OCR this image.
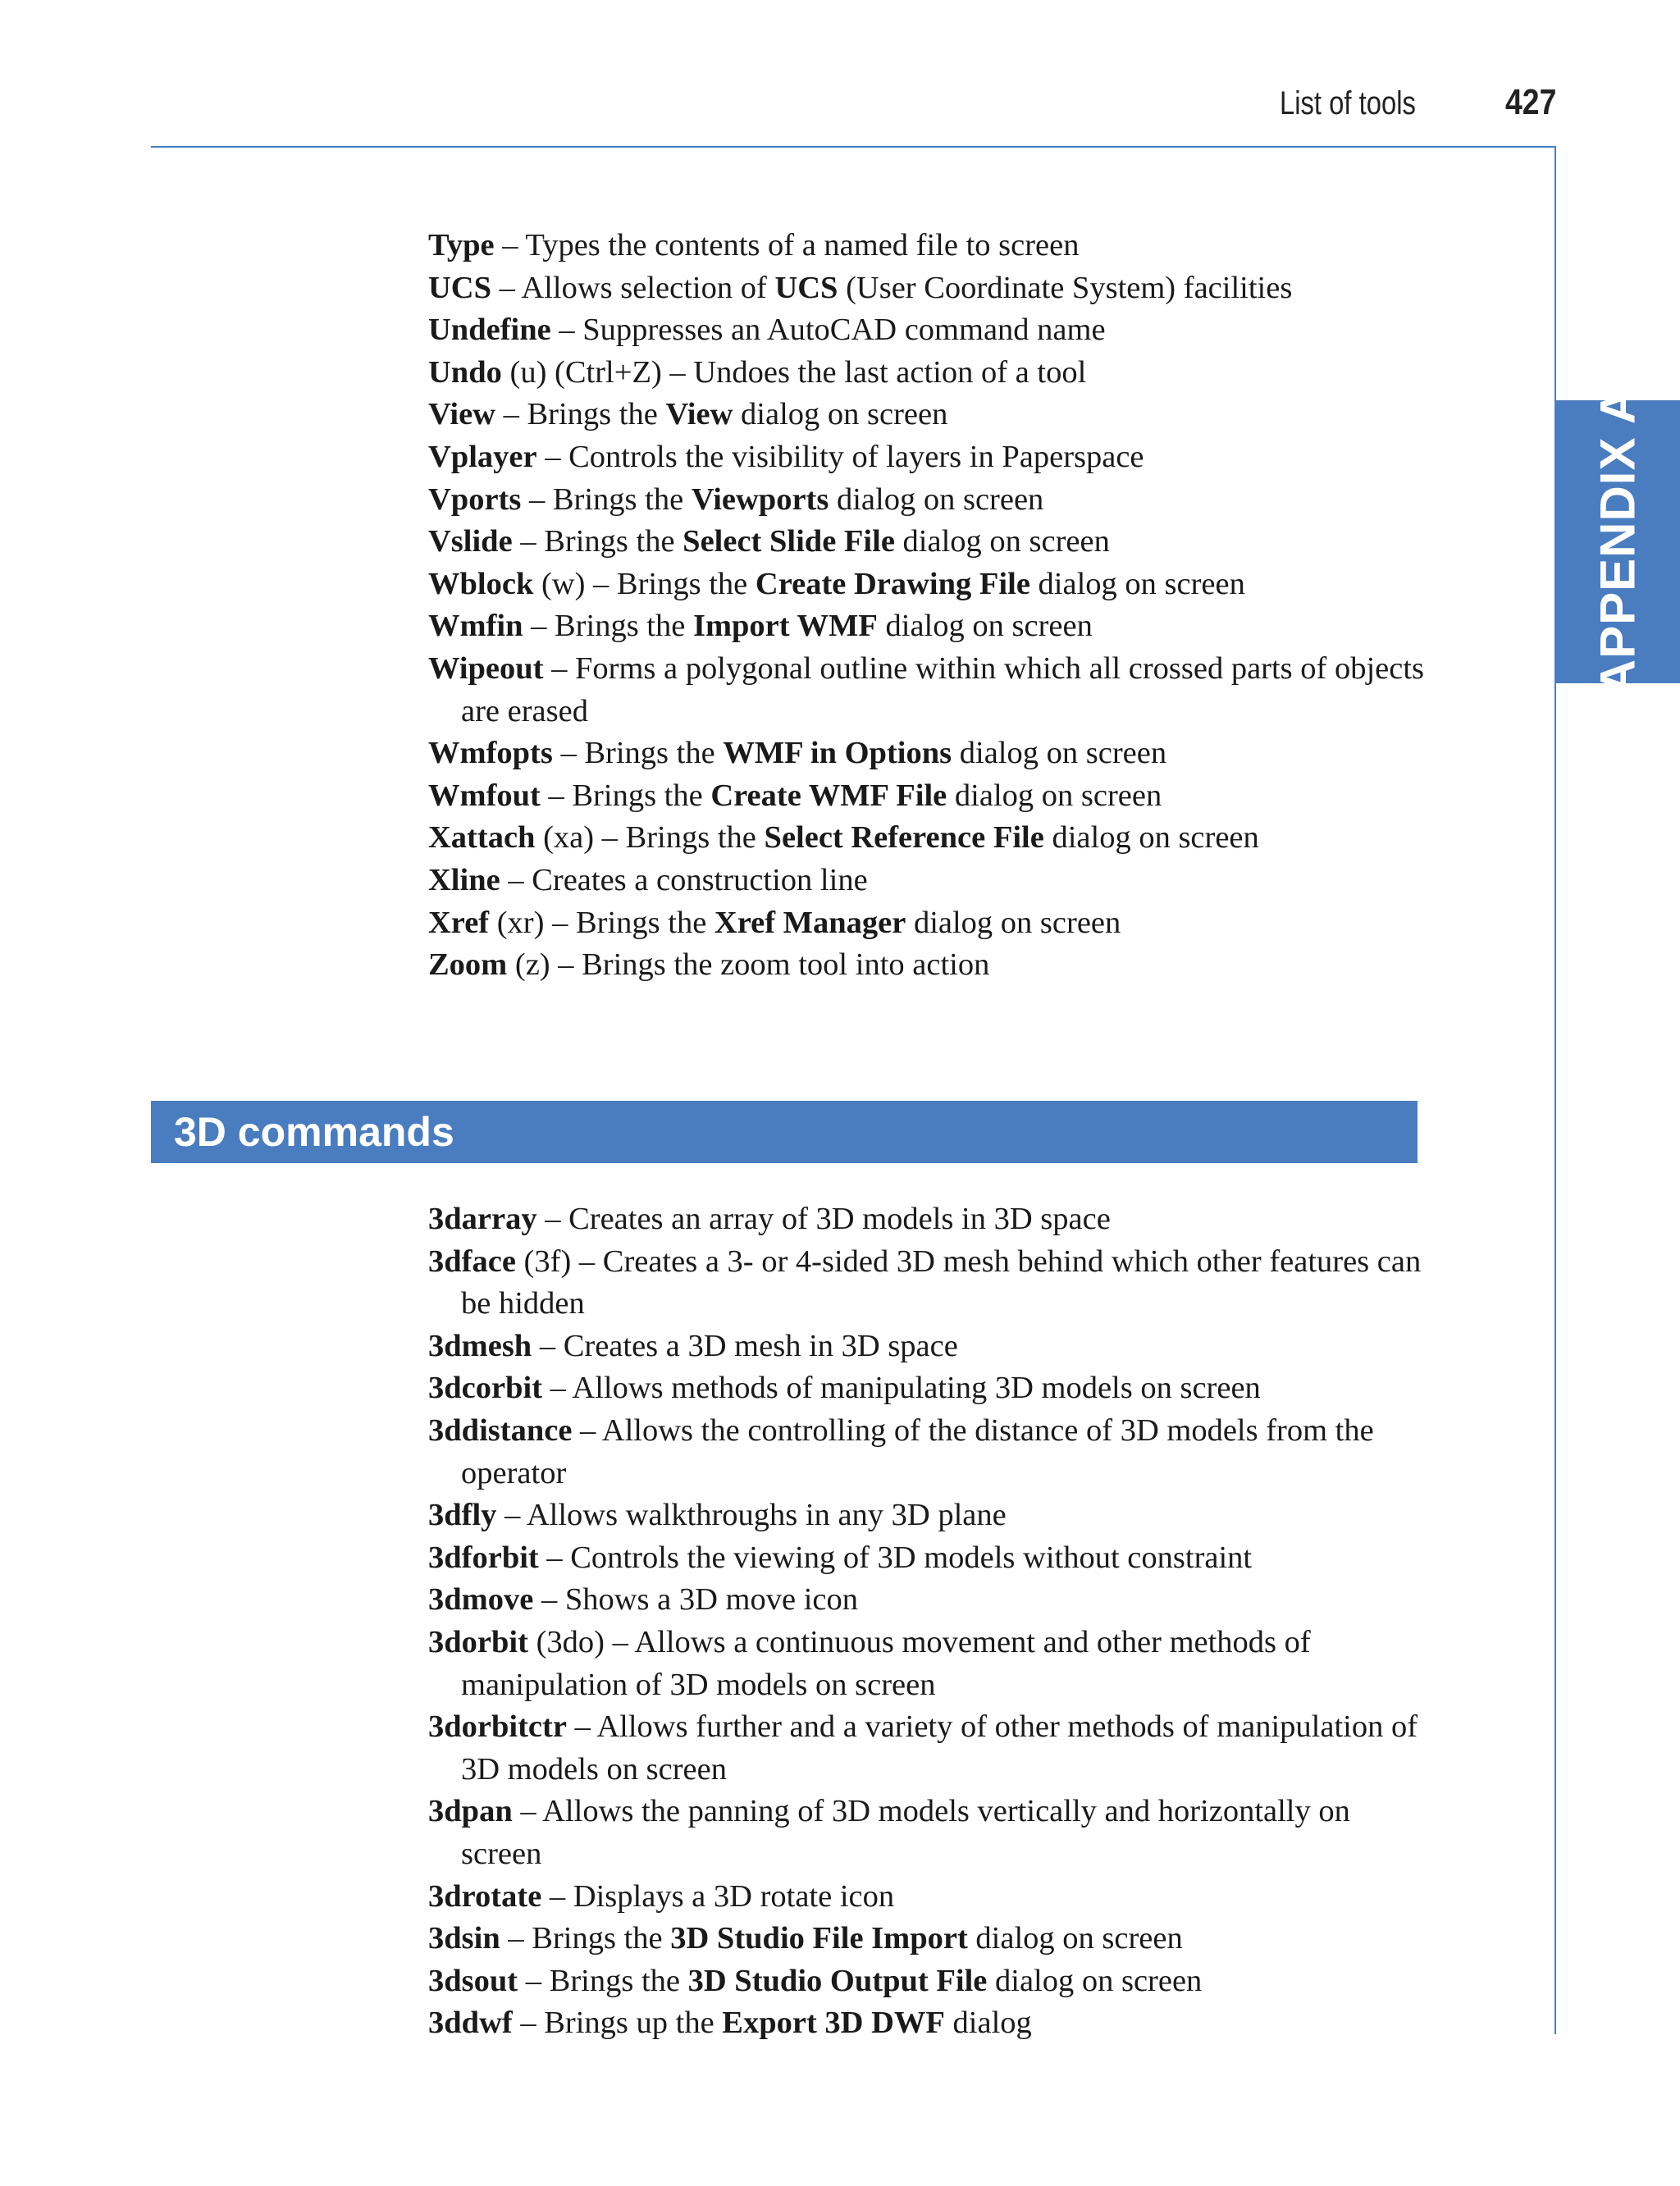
List of tools 427
APPENDIX A
Type – Types the contents of a named file to screen
UCS – Allows selection of UCS (User Coordinate System) facilities
Undefine – Suppresses an AutoCAD command name
Undo (u) (Ctrl+Z) – Undoes the last action of a tool
View – Brings the View dialog on screen
Vplayer – Controls the visibility of layers in Paperspace
Vports – Brings the Viewports dialog on screen
Vslide – Brings the Select Slide File dialog on screen
Wblock (w) – Brings the Create Drawing File dialog on screen
Wmfin – Brings the Import WMF dialog on screen
Wipeout – Forms a polygonal outline within which all crossed parts of objects are erased
Wmfopts – Brings the WMF in Options dialog on screen
Wmfout – Brings the Create WMF File dialog on screen
Xattach (xa) – Brings the Select Reference File dialog on screen
Xline – Creates a construction line
Xref (xr) – Brings the Xref Manager dialog on screen
Zoom (z) – Brings the zoom tool into action
3D commands
3darray – Creates an array of 3D models in 3D space
3dface (3f) – Creates a 3- or 4-sided 3D mesh behind which other features can be hidden
3dmesh – Creates a 3D mesh in 3D space
3dcorbit – Allows methods of manipulating 3D models on screen
3ddistance – Allows the controlling of the distance of 3D models from the operator
3dfly – Allows walkthroughs in any 3D plane
3dforbit – Controls the viewing of 3D models without constraint
3dmove – Shows a 3D move icon
3dorbit (3do) – Allows a continuous movement and other methods of manipulation of 3D models on screen
3dorbitctr – Allows further and a variety of other methods of manipulation of 3D models on screen
3dpan – Allows the panning of 3D models vertically and horizontally on screen
3drotate – Displays a 3D rotate icon
3dsin – Brings the 3D Studio File Import dialog on screen
3dsout – Brings the 3D Studio Output File dialog on screen
3ddwf – Brings up the Export 3D DWF dialog
